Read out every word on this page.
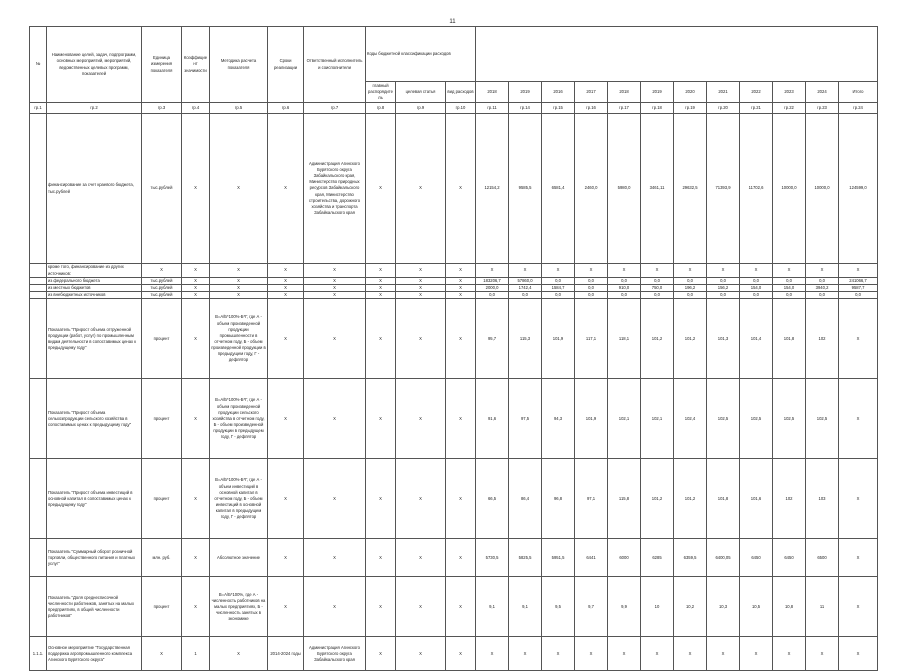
11
№	Наименование целей, задач, подпрограмм, основных мероприятий, мероприятий, ведомственных целевых программ, показателей	Единица измерения показателя	Коэффициент значимости	Методика расчета показателя	Сроки реализации	Ответственный исполнитель и соисполнители	Коды бюджетной классификации расходов														
							главный распорядитель	целевая статья	вид расходов	2018	2019	2016	2017	2018	2019	2020	2021	2022	2023	2024	Итого
гр.1	гр.2	гр.3	гр.4	гр.5	гр.6	гр.7	гр.8	гр.9	гр.10	гр.11	гр.14	гр.15	гр.16	гр.17	гр.18	гр.19	гр.20	гр.21	гр.22	гр.23	гр.24
	финансирование за счет краевого бюджета, тыс.рублей	тыс.рублей	Х	Х	Х	Администрация Агинского Бурятского округа Забайкальского края, Министерство природных ресурсов Забайкальского края, Министерство строительства, дорожного хозяйства и транспорта Забайкальского края	Х	Х	Х	12154,2	9585,5	6581,4	2460,0	5980,0	3461,11	29632,5	71393,9	11702,6	10000,0	10000,0	124599,0
	кроме того, финансирование из других источников:	Х	Х	Х	Х	Х	Х	Х	Х	Х	Х	Х	Х	Х	Х	Х	Х	Х	Х	Х	Х
	из федерального бюджета	тыс.рублей	Х	Х	Х	Х	Х	Х	Х	183206,7	57860,0	0,0	0,0	0,0	0,0	0,0	0,0	0,0	0,0	0,0	241066,7
	из местных бюджетов	тыс.рублей	Х	Х	Х	Х	Х	Х	Х	2000,0	1742,4	1584,7	0,0	910,0	750,0	196,2	156,2	154,0	154,0	3940,2	9587,7
	из внебюджетных источников	тыс.рублей	Х	Х	Х	Х	Х	Х	Х	0,0	0,0	0,0	0,0	0,0	0,0	0,0	0,0	0,0	0,0	0,0	0,0
	Показатель "Прирост объема отгруженной продукции (работ, услуг) по промышленным видам деятельности в сопоставимых ценах к предыдущему году"	процент	Х	В=А/Б*100%-Б*Г, где А - объем произведенной продукции промышленности в отчетном году, Б - объем произведенной продукции в предыдущем году, Г - дефлятор	Х	Х	Х	Х	Х	95,7	115,3	101,9	117,1	118,1	101,2	101,2	101,3	101,4	101,8	102	Х
	Показатель "Прирост объема сельхозпродукции сельского хозяйства в сопоставимых ценах к предыдущему году"	процент	Х	В=А/Б*100%-Б*Г, где А - объем произведенной продукции сельского хозяйства в отчетном году, Б - объем произведенной продукции в предыдущем году, Г - дефлятор	Х	Х	Х	Х	Х	91,6	97,5	94,3	101,9	102,1	102,1	102,4	102,5	102,5	102,5	102,5	Х
	Показатель "Прирост объема инвестиций в основной капитал в сопоставимых ценах к предыдущему году"	процент	Х	В=А/Б*100%-Б*Г, где А - объем инвестиций в основной капитал в отчетном году, Б - объем инвестиций в основной капитал в предыдущем году, Г - дефлятор	Х	Х	Х	Х	Х	66,5	86,4	96,8	97,1	115,8	101,2	101,2	101,8	101,6	102	103	Х
	Показатель "Суммарный оборот розничной торговли, общественного питания и платных услуг"	млн. руб.	Х	Абсолютное значение	Х	Х	Х	Х	Х	5730,5	5825,5	5951,5	6441	6000	6285	6359,5	6400,05	6450	6450	6500	Х
	Показатель "Доля среднесписочной численности работников, занятых на малых предприятиях, в общей численности работников"	процент	Х	В=А/Б*100%, где А - численность работников на малых предприятиях, Б - численность занятых в экономике	Х	Х	Х	Х	Х	9,1	9,1	9,5	9,7	9,9	10	10,2	10,3	10,5	10,8	11	Х
1.1.1.	Основное мероприятие "Государственная поддержка агропромышленного комплекса Агинского Бурятского округа"	Х	1	Х	2014-2024 годы	Администрация Агинского Бурятского округа Забайкальского края	Х	Х	Х	Х	Х	Х	Х	Х	Х	Х	Х	Х	Х	Х	Х
